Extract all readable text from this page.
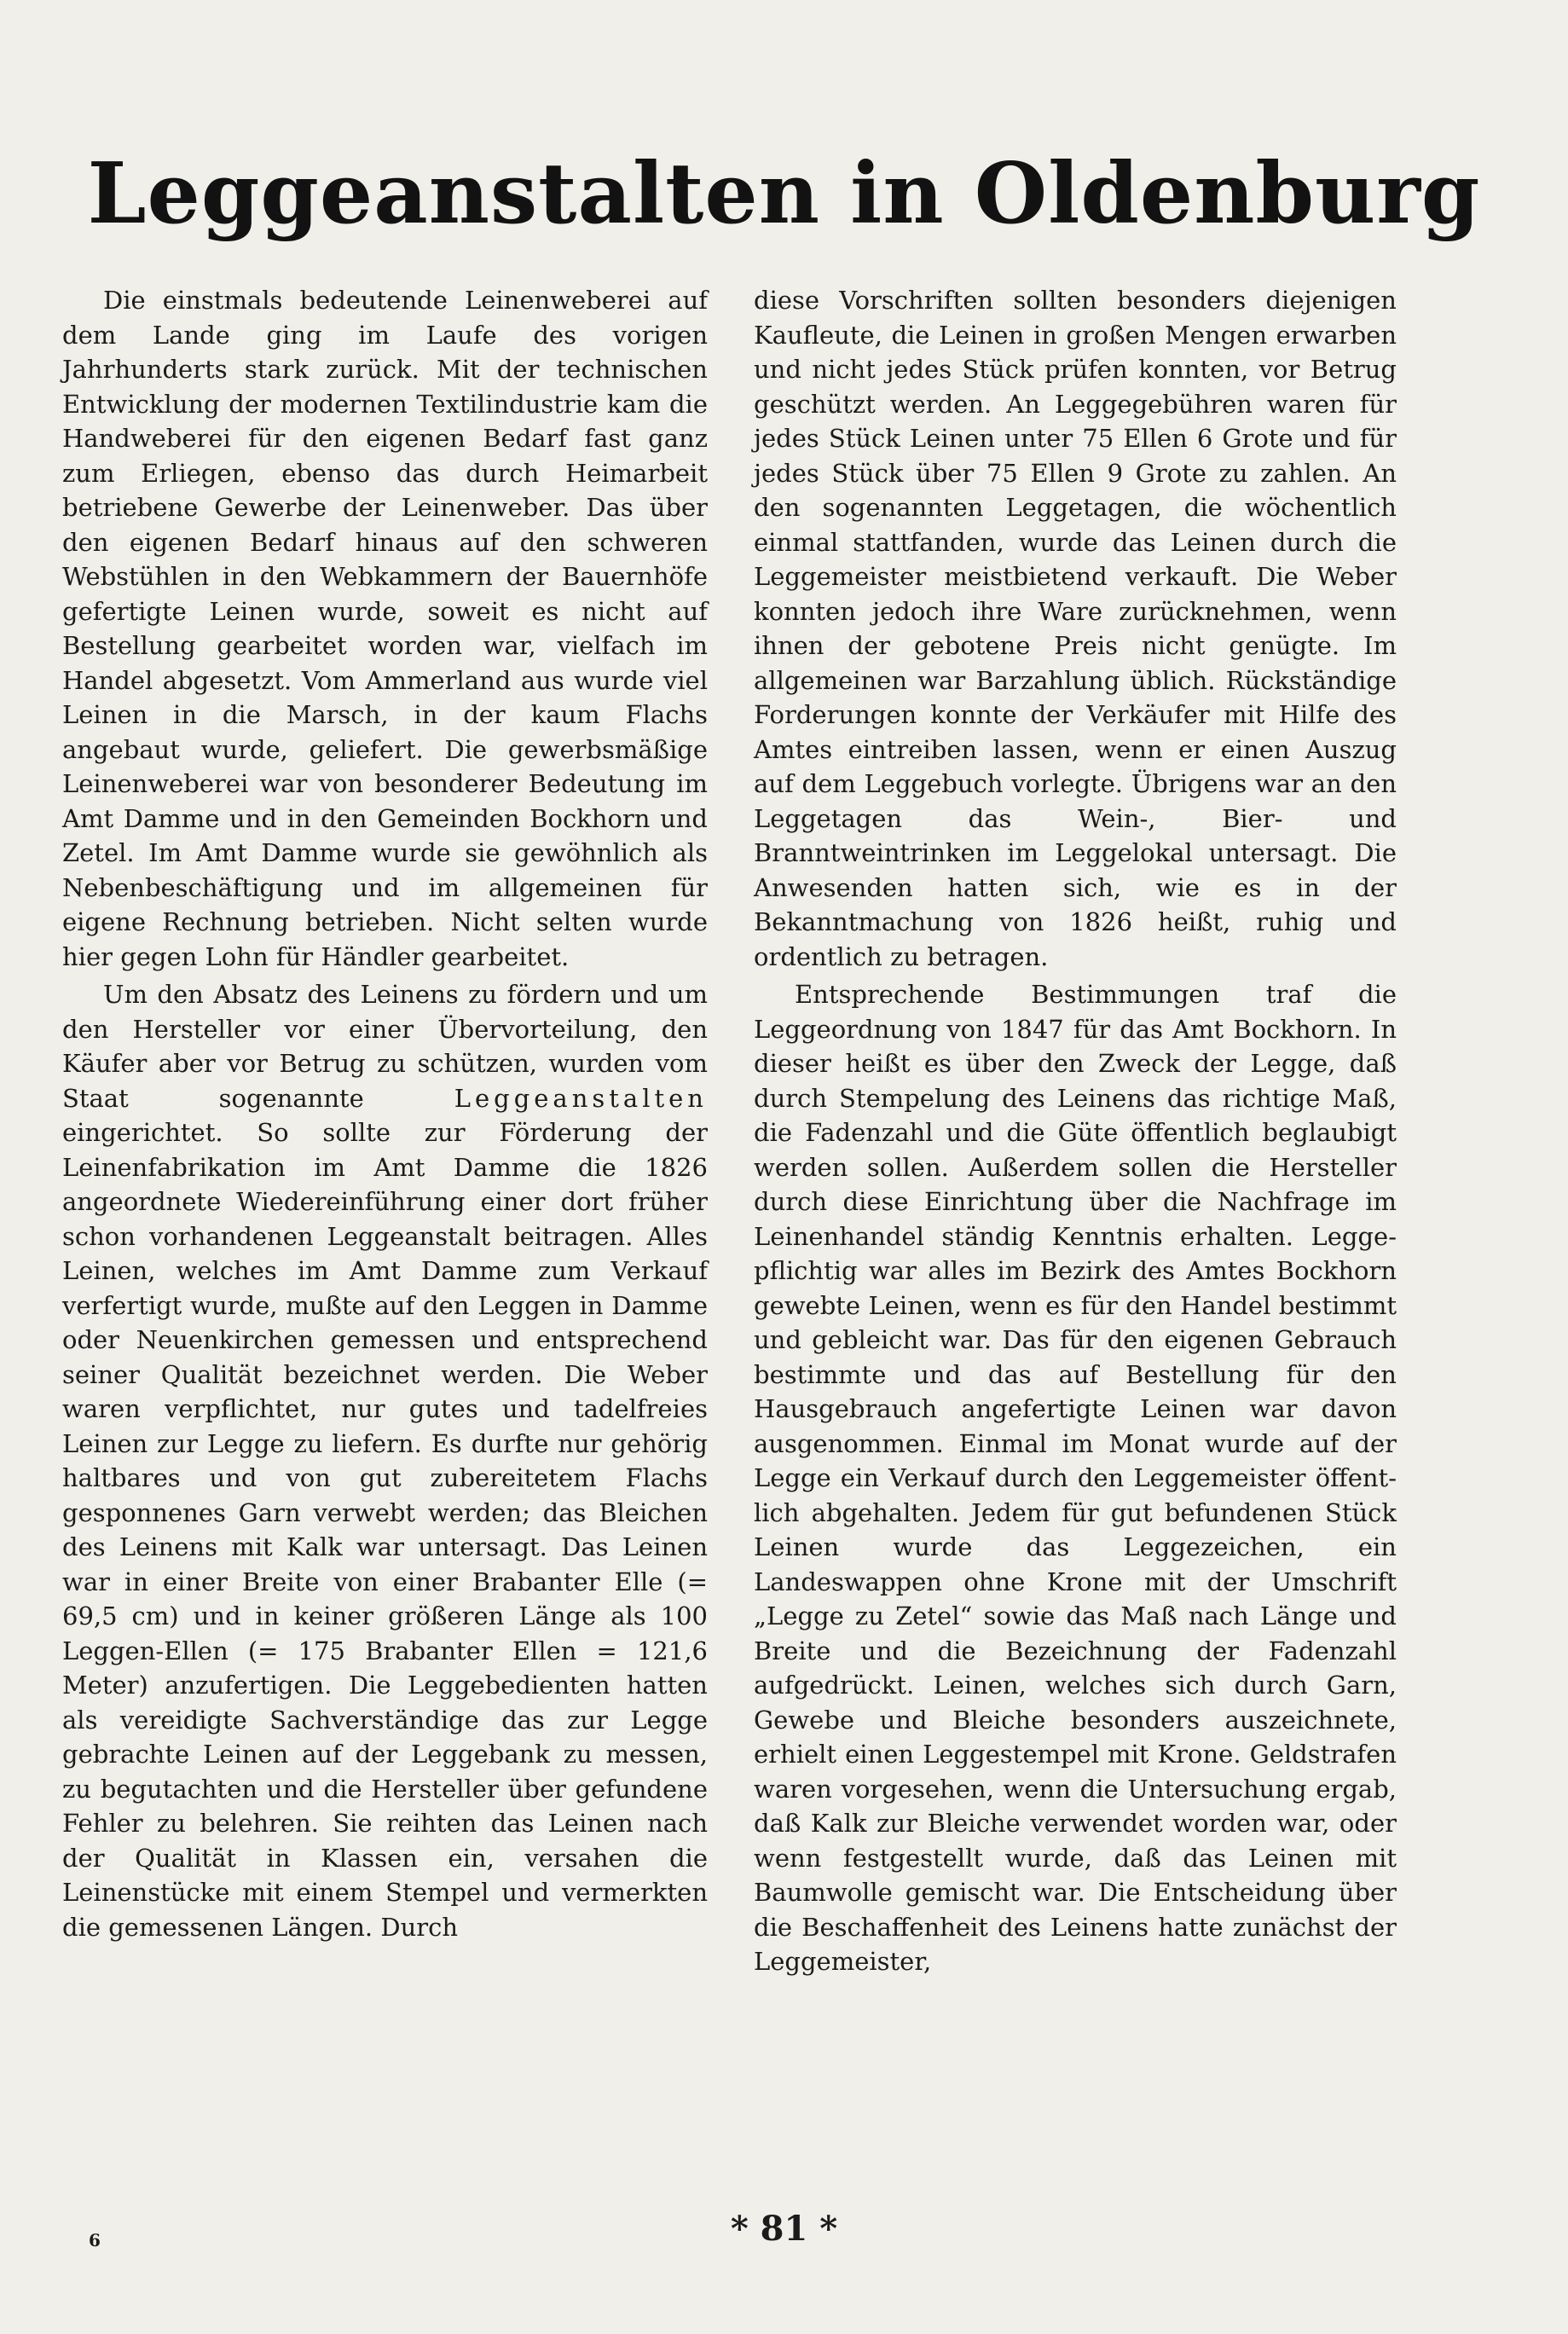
Leggeanstalten in Oldenburg

Die einstmals bedeutende Leinenweberei auf dem Lande ging im Laufe des vorigen Jahrhunderts stark zurück. Mit der technischen Entwicklung der modernen Textilindustrie kam die Handweberei für den eigenen Bedarf fast ganz zum Erliegen, ebenso das durch Heimarbeit betriebene Gewerbe der Leinenweber. Das über den eigenen Bedarf hinaus auf den schweren Webstühlen in den Webkammern der Bauernhöfe gefertigte Leinen wurde, soweit es nicht auf Bestellung gearbeitet worden war, vielfach im Handel abgesetzt. Vom Ammerland aus wurde viel Leinen in die Marsch, in der kaum Flachs angebaut wurde, geliefert. Die gewerbsmäßige Leinenweberei war von besonderer Bedeutung im Amt Damme und in den Gemeinden Bockhorn und Zetel. Im Amt Damme wurde sie gewöhnlich als Nebenbeschäftigung und im allgemeinen für eigene Rechnung betrieben. Nicht selten wurde hier gegen Lohn für Händler gearbeitet.

Um den Absatz des Leinens zu fördern und um den Hersteller vor einer Übervorteilung, den Käufer aber vor Betrug zu schützen, wurden vom Staat sogenannte	Leggeanstalten eingerichtet. So sollte zur Förderung der Leinenfabrikation im Amt Damme die 1826 angeordnete Wiedereinführung einer dort früher schon vorhandenen Leggeanstalt beitragen. Alles Leinen, welches im Amt Damme zum Verkauf verfertigt wurde, mußte auf den Leggen in Damme oder Neuenkirchen gemessen und entsprechend seiner Qualität bezeichnet werden. Die Weber waren verpflichtet, nur gutes und tadelfreies Leinen zur Legge zu liefern. Es durfte nur gehörig haltbares und von gut zubereitetem Flachs gesponnenes Garn verwebt werden; das Bleichen des Leinens mit Kalk war untersagt. Das Leinen war in einer Breite von einer Brabanter Elle (= 69,5 cm) und in keiner größeren Länge als 100 Leggen-Ellen (= 175 Brabanter Ellen = 121,6 Meter) anzufertigen. Die Leggebedienten hatten als vereidigte Sachverständige das zur Legge gebrachte Leinen auf der Leggebank zu messen, zu begutachten und die Hersteller über gefundene Fehler zu belehren. Sie reihten das Leinen nach der Qualität in Klassen ein, versahen die Leinenstücke mit einem Stempel und vermerkten die gemessenen Längen. Durch

diese Vorschriften sollten besonders diejenigen Kaufleute, die Leinen in großen Mengen erwarben und nicht jedes Stück prüfen konnten, vor Betrug geschützt werden. An Leggegebühren waren für jedes Stück Leinen unter 75 Ellen 6 Grote und für jedes Stück über 75 Ellen 9 Grote zu zahlen. An den sogenannten Leggetagen, die wöchentlich einmal stattfanden, wurde das Leinen durch die Leggemeister meistbietend verkauft. Die Weber konnten jedoch ihre Ware zurücknehmen, wenn ihnen der gebotene Preis nicht genügte. Im allgemeinen war Barzahlung üblich. Rückständige Forderungen konnte der Verkäufer mit Hilfe des Amtes eintreiben lassen, wenn er einen Auszug auf dem Leggebuch vorlegte. Übrigens war an den Leggetagen das Wein-, Bier- und Branntweintrinken im Leggelokal untersagt. Die Anwesenden hatten sich, wie es in der Bekanntmachung von 1826 heißt, ruhig und ordentlich zu betragen.

Entsprechende Bestimmungen traf die Leggeordnung von 1847 für das Amt Bockhorn. In dieser heißt es über den Zweck der Legge, daß durch Stempelung des Leinens das richtige Maß, die Fadenzahl und die Güte öffentlich beglaubigt werden sollen. Außerdem sollen die Hersteller durch diese Einrichtung über die Nachfrage im Leinenhandel ständig Kenntnis erhalten. Leggepflichtig war alles im Bezirk des Amtes Bockhorn gewebte Leinen, wenn es für den Handel bestimmt und gebleicht war. Das für den eigenen Gebrauch bestimmte und das auf Bestellung für den Hausgebrauch angefertigte Leinen war davon ausgenommen. Einmal im Monat wurde auf der Legge ein Verkauf durch den Leggemeister öffentlich abgehalten. Jedem für gut befundenen Stück Leinen wurde das Leggezeichen, ein Landeswappen ohne Krone mit der Umschrift „Legge zu Zetel“ sowie das Maß nach Länge und Breite und die Bezeichnung der Fadenzahl aufgedrückt. Leinen, welches sich durch Garn, Gewebe und Bleiche besonders auszeichnete, erhielt einen Leggestempel mit Krone. Geldstrafen waren vorgesehen, wenn die Untersuchung ergab, daß Kalk zur Bleiche verwendet worden war, oder wenn festgestellt wurde, daß das Leinen mit Baumwolle gemischt war. Die Entscheidung über die Beschaffenheit des Leinens hatte zunächst der Leggemeister,

6	* 81 *
